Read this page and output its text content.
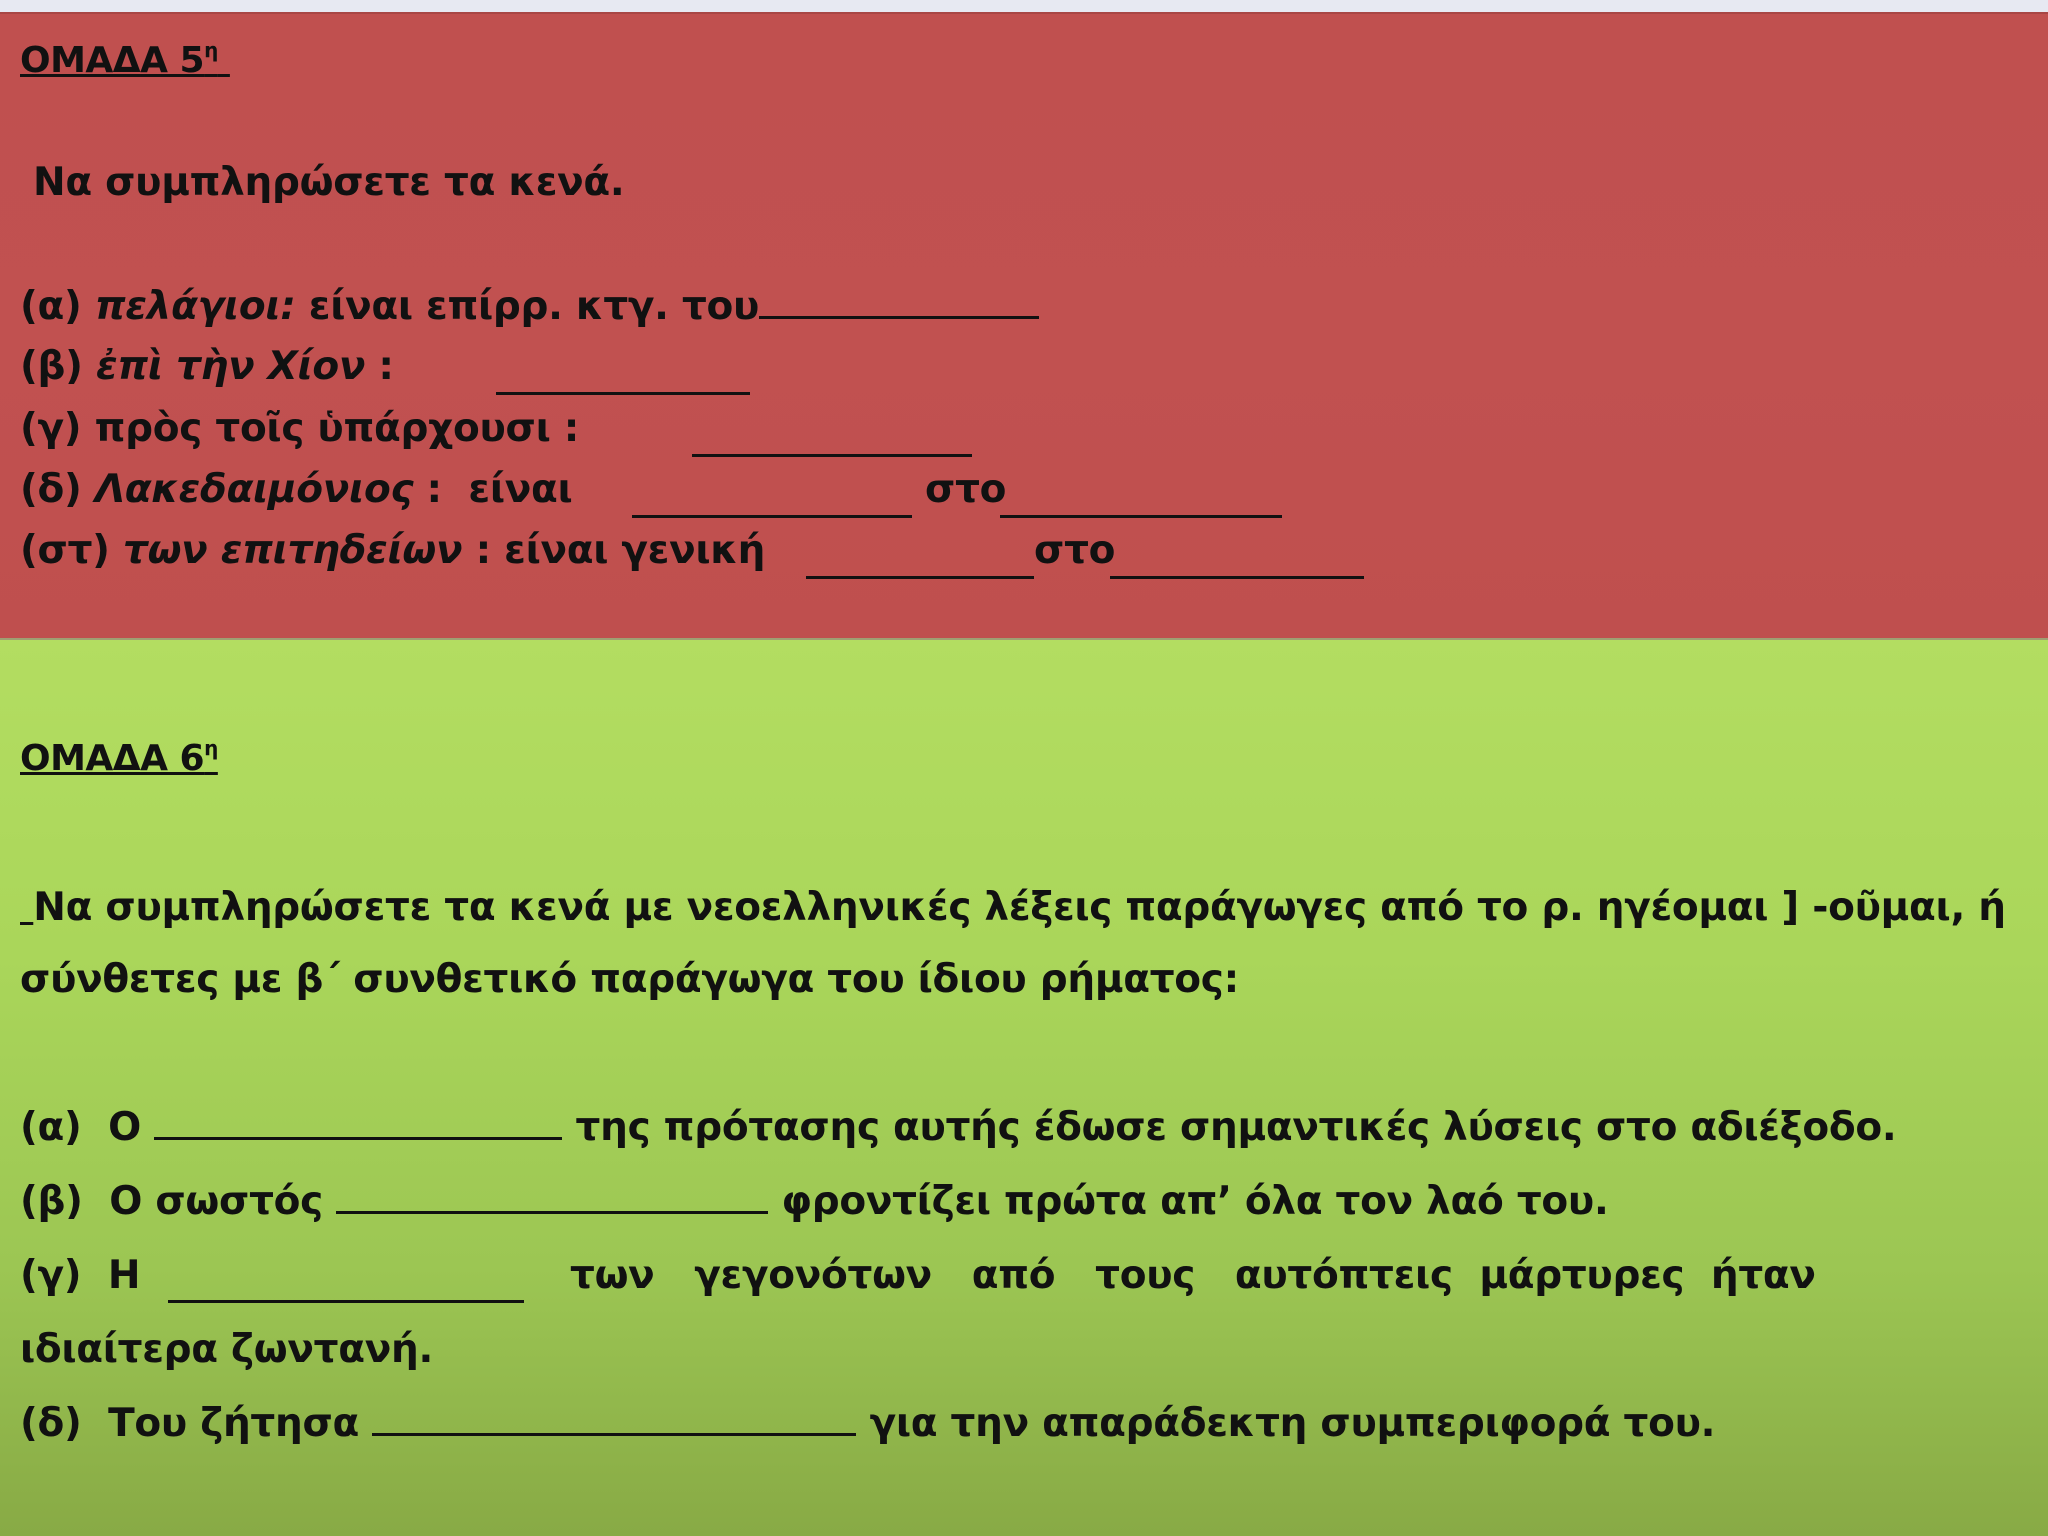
ΟΜΑΔΑ $5^\eta$
Να συμπληρώσετε τα κενά.
(α) πελάγιοι: είναι επίρρ. κτγ. του
(β) ἐπὶ τὴν Χίον :
(γ) πρὸς τοῖς ὑπάρχουσι :
(δ) Λακεδαιμόνιος :  είναι	στο
(στ) των επιτηδείων : είναι γενική	στο
ΟΜΑΔΑ $6^\eta$
Να συμπληρώσετε τα κενά με νεοελληνικές λέξεις παράγωγες από το ρ. ηγέομαι ] -οῦμαι, ή
σύνθετες με β΄ συνθετικό παράγωγα του ίδιου ρήματος:
(α)  Ο	της πρότασης αυτής έδωσε σημαντικές λύσεις στο αδιέξοδο.
(β)  Ο σωστός	φροντίζει πρώτα απ’ όλα τον λαό του.
(γ)  Η	των   γεγονότων   από   τους   αυτόπτεις  μάρτυρες  ήταν
ιδιαίτερα ζωντανή.
(δ)  Του ζήτησα	για την απαράδεκτη συμπεριφορά του.
